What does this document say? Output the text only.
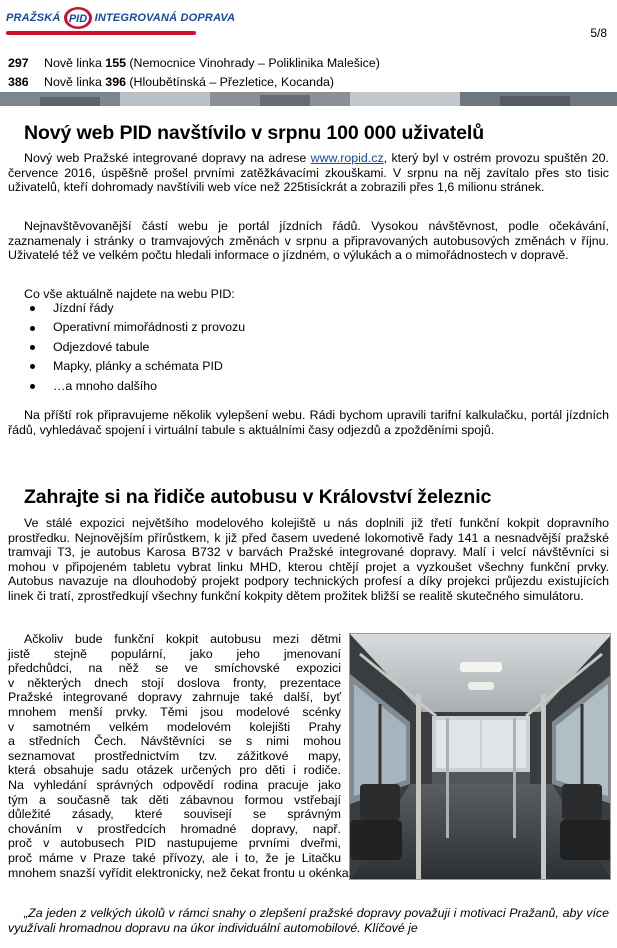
PRAŽSKÁ PID INTEGROVANÁ DOPRAVA
5/8
297 Nově linka 155 (Nemocnice Vinohrady – Poliklinika Malešice)
386 Nově linka 396 (Hloubětínská – Přezletice, Kocanda)
Nový web PID navštívilo v srpnu 100 000 uživatelů

Nový web Pražské integrované dopravy na adrese www.ropid.cz, který byl v ostrém provozu spuštěn 20. července 2016, úspěšně prošel prvními zatěžkávacími zkouškami. V srpnu na něj zavítalo přes sto tisic uživatelů, kteří dohromady navštívili web více než 225tisíckrát a zobrazili přes 1,6 milionu stránek.

Nejnavštěvovanější částí webu je portál jízdních řádů. Vysokou návštěvnost, podle očekávání, zaznamenaly i stránky o tramvajových změnách v srpnu a připravovaných autobusových změnách v říjnu. Uživatelé též ve velkém počtu hledali informace o jízdném, o výlukách a o mimořádnostech v dopravě.

Co vše aktuálně najdete na webu PID:

Jízdní řády
Operativní mimořádnosti z provozu
Odjezdové tabule
Mapky, plánky a schémata PID
…a mnoho dalšího

Na příští rok připravujeme několik vylepšení webu. Rádi bychom upravili tarifní kalkulačku, portál jízdních řádů, vyhledávač spojení i virtuální tabule s aktuálními časy odjezdů a zpožděními spojů.

Zahrajte si na řidiče autobusu v Království železnic

Ve stálé expozici největšího modelového kolejiště u nás doplnili již třetí funkční kokpit dopravního prostředku. Nejnovějším přírůstkem, k již před časem uvedené lokomotivě řady 141 a nesnadvější pražské tramvaji T3, je autobus Karosa B732 v barvách Pražské integrované dopravy. Malí i velcí návštěvníci si mohou v připojeném tabletu vybrat linku MHD, kterou chtějí projet a vyzkoušet všechny funkční prvky. Autobus navazuje na dlouhodobý projekt podpory technických profesí a díky projekci průjezdu existujících linek či tratí, zprostředkují všechny funkční kokpity dětem prožitek bližší se realitě skutečného simulátoru.

Ačkoliv bude funkční kokpit autobusu mezi dětmi
jistě stejně populární, jako jeho jmenovaní
předchůdci, na něž se ve smíchovské expozici
v některých dnech stojí doslova fronty, prezentace
Pražské integrované dopravy zahrnuje také další, byť
mnohem menší prvky. Těmi jsou modelové scénky
v samotném velkém modelovém kolejišti Prahy
a středních Čech. Návštěvníci se s nimi mohou
seznamovat prostřednictvím tzv. zážitkové mapy,
která obsahuje sadu otázek určených pro děti i rodiče.
Na vyhledání správných odpovědí rodina pracuje jako
tým a současně tak děti zábavnou formou vstřebají
důležité zásady, které souvisejí se správným
chováním v prostředcích hromadné dopravy, např.
proč v autobusech PID nastupujeme prvními dveřmi,
proč máme v Praze také přívozy, ale i to, že je Litačku

mnohem snazší vyřídit elektronicky, než čekat frontu u okénka.

„Za jeden z velkých úkolů v rámci snahy o zlepšení pražské dopravy považuji i motivaci Pražanů, aby více využívali hromadnou dopravu na úkor individuální automobilové. Klíčové je
